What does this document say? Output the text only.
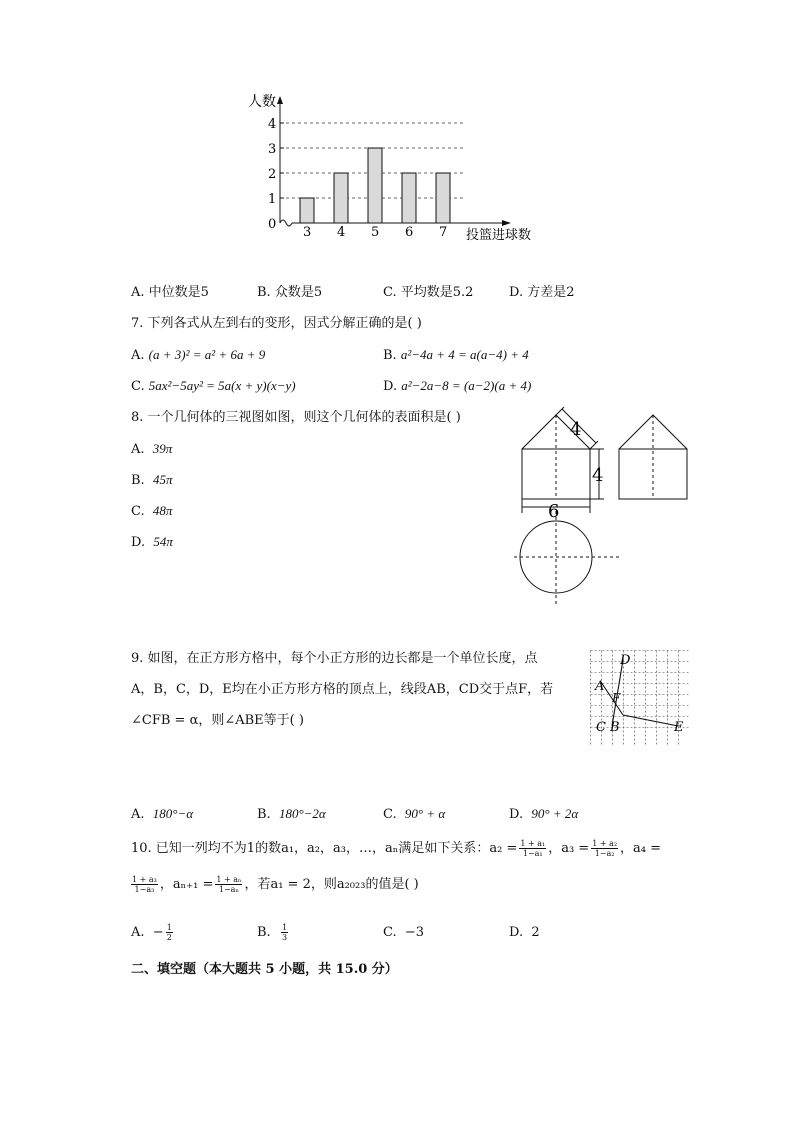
3 4 5 6 7
0
1
2
3
4
人数
投篮进球数
A. 中位数是5	B. 众数是5	C. 平均数是5.2	D. 方差是2
7. 下列各式从左到右的变形，因式分解正确的是( )
A. (a + 3)² = a² + 6a + 9	B. a²−4a + 4 = a(a−4) + 4
C. 5ax²−5ay² = 5a(x + y)(x−y)	D. a²−2a−8 = (a−2)(a + 4)
8. 一个几何体的三视图如图，则这个几何体的表面积是( )
A. 39π
B. 45π
C. 48π
D. 54π
4
4
6
9. 如图，在正方形方格中，每个小正方形的边长都是一个单位长度，点
A，B，C，D，E均在小正方形方格的顶点上，线段AB，CD交于点F，若
∠CFB = α，则∠ABE等于( )
D
A
F
C B	E
A. 180°−α	B. 180°−2α	C. 90° + α	D. 90° + 2α
10. 已知一列均不为1的数a₁，a₂，a₃，…，aₙ满足如下关系：$a_2 = \frac{\text{1 + a₁}}{\text{1−a₁}}$ ，$a_3 = \frac{\text{1 + a₂}}{\text{1−a₂}}$ ，a₄ =
$\frac{\text{1 + a₃}}{\text{1−a₃}}$ ，$a_{n+1} = \frac{\text{1 + aₙ}}{\text{1−aₙ}}$ ，若a₁ = 2，则a₂₀₂₃的值是( )
A. − $\frac{1}{2}$	B. $\frac{1}{3}$	C. −3	D. 2
二、填空题（本大题共 5 小题，共 15.0 分）
